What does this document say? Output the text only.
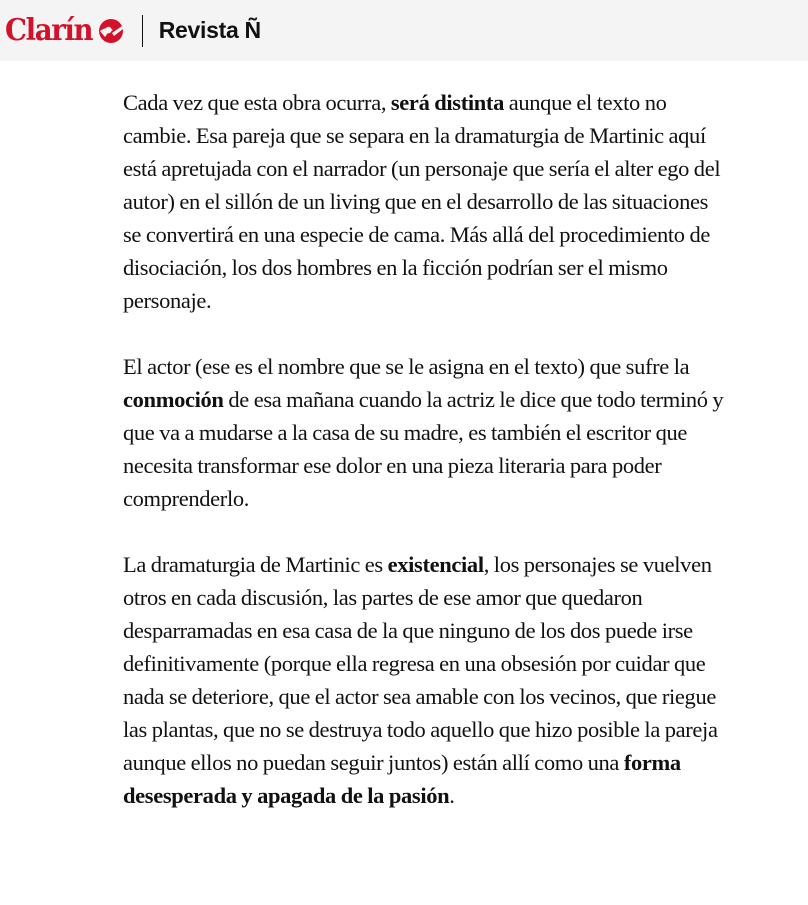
Clarín	Revista Ñ

Cada vez que esta obra ocurra, será distinta aunque el texto no cambie. Esa pareja que se separa en la dramaturgia de Martinic aquí está apretujada con el narrador (un personaje que sería el alter ego del autor) en el sillón de un living que en el desarrollo de las situaciones se convertirá en una especie de cama. Más allá del procedimiento de disociación, los dos hombres en la ficción podrían ser el mismo personaje.

El actor (ese es el nombre que se le asigna en el texto) que sufre la conmoción de esa mañana cuando la actriz le dice que todo terminó y que va a mudarse a la casa de su madre, es también el escritor que necesita transformar ese dolor en una pieza literaria para poder comprenderlo.

La dramaturgia de Martinic es existencial, los personajes se vuelven otros en cada discusión, las partes de ese amor que quedaron desparramadas en esa casa de la que ninguno de los dos puede irse definitivamente (porque ella regresa en una obsesión por cuidar que nada se deteriore, que el actor sea amable con los vecinos, que riegue las plantas, que no se destruya todo aquello que hizo posible la pareja aunque ellos no puedan seguir juntos) están allí como una forma desesperada y apagada de la pasión.
